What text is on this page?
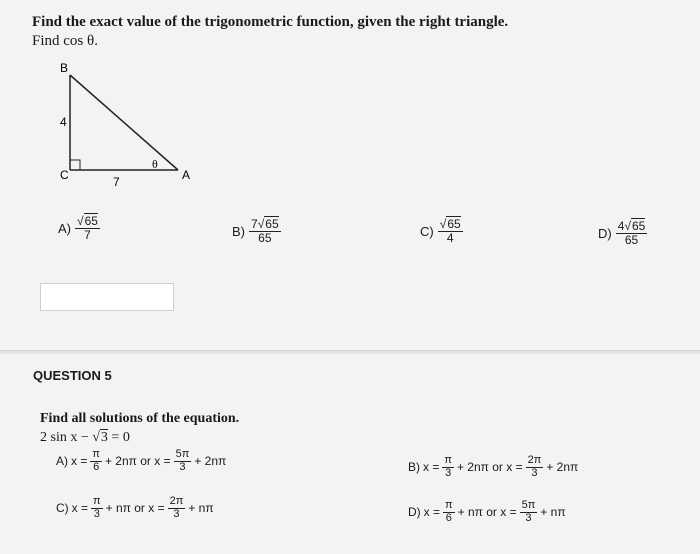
Find the exact value of the trigonometric function, given the right triangle.
Find cos θ.
B
C	A
4
7
θ
$A) \frac{√65}{7}$	$B) \frac{7√65}{65}$	$C) \frac{√65}{4}$	$D) \frac{4√65}{65}$
QUESTION 5
Find all solutions of the equation.
2 sin x − √3 = 0
A) $x = \frac{\pi}{6} + 2n\pi$ or $x = \frac{5\pi}{3} + 2n\pi$	B) $x = \frac{\pi}{3} + 2n\pi$ or $x = \frac{2\pi}{3} + 2n\pi$
C) $x = \frac{\pi}{3} + n\pi$ or $x = \frac{2\pi}{3} + n\pi$	D) $x = \frac{\pi}{6} + n\pi$ or $x = \frac{5\pi}{3} + n\pi$
